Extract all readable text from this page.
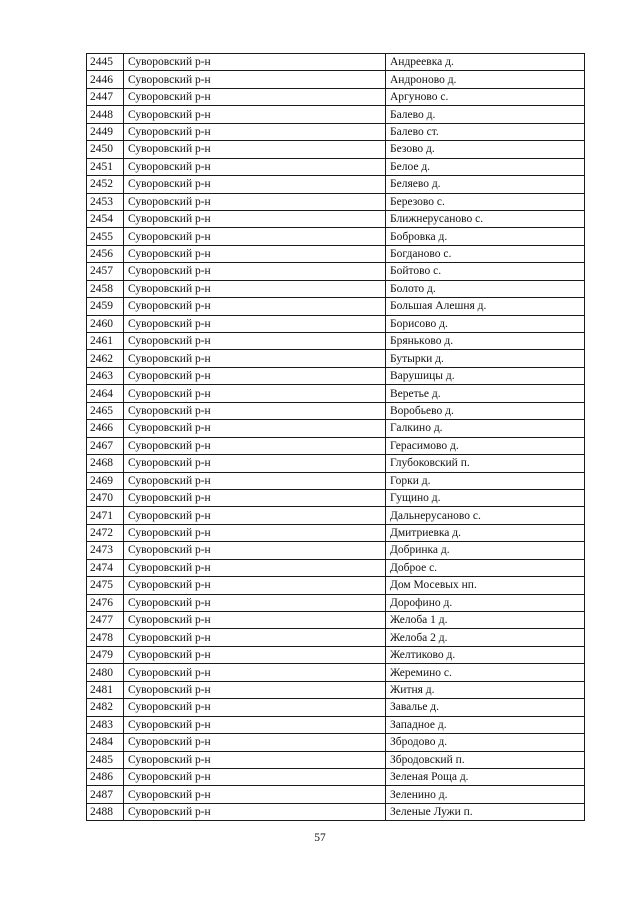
2445	Суворовский р-н	Андреевка д.
2446	Суворовский р-н	Андроново д.
2447	Суворовский р-н	Аргуново с.
2448	Суворовский р-н	Балево д.
2449	Суворовский р-н	Балево ст.
2450	Суворовский р-н	Безово д.
2451	Суворовский р-н	Белое д.
2452	Суворовский р-н	Беляево д.
2453	Суворовский р-н	Березово с.
2454	Суворовский р-н	Ближнерусаново с.
2455	Суворовский р-н	Бобровка д.
2456	Суворовский р-н	Богданово с.
2457	Суворовский р-н	Бойтово с.
2458	Суворовский р-н	Болото д.
2459	Суворовский р-н	Большая Алешня д.
2460	Суворовский р-н	Борисово д.
2461	Суворовский р-н	Брянькoво д.
2462	Суворовский р-н	Бутырки д.
2463	Суворовский р-н	Варушицы д.
2464	Суворовский р-н	Веретье д.
2465	Суворовский р-н	Воробьево д.
2466	Суворовский р-н	Галкино д.
2467	Суворовский р-н	Герасимово д.
2468	Суворовский р-н	Глубоковский п.
2469	Суворовский р-н	Горки д.
2470	Суворовский р-н	Гущино д.
2471	Суворовский р-н	Дальнерусаново с.
2472	Суворовский р-н	Дмитриевка д.
2473	Суворовский р-н	Добринка д.
2474	Суворовский р-н	Доброе с.
2475	Суворовский р-н	Дом Мосевых нп.
2476	Суворовский р-н	Дорофино д.
2477	Суворовский р-н	Желоба 1 д.
2478	Суворовский р-н	Желоба 2 д.
2479	Суворовский р-н	Желтиково д.
2480	Суворовский р-н	Жеремино с.
2481	Суворовский р-н	Житня д.
2482	Суворовский р-н	Завалье д.
2483	Суворовский р-н	Западное д.
2484	Суворовский р-н	Збродово д.
2485	Суворовский р-н	Збродовский п.
2486	Суворовский р-н	Зеленая Роща д.
2487	Суворовский р-н	Зеленино д.
2488	Суворовский р-н	Зеленые Лужи п.
57
